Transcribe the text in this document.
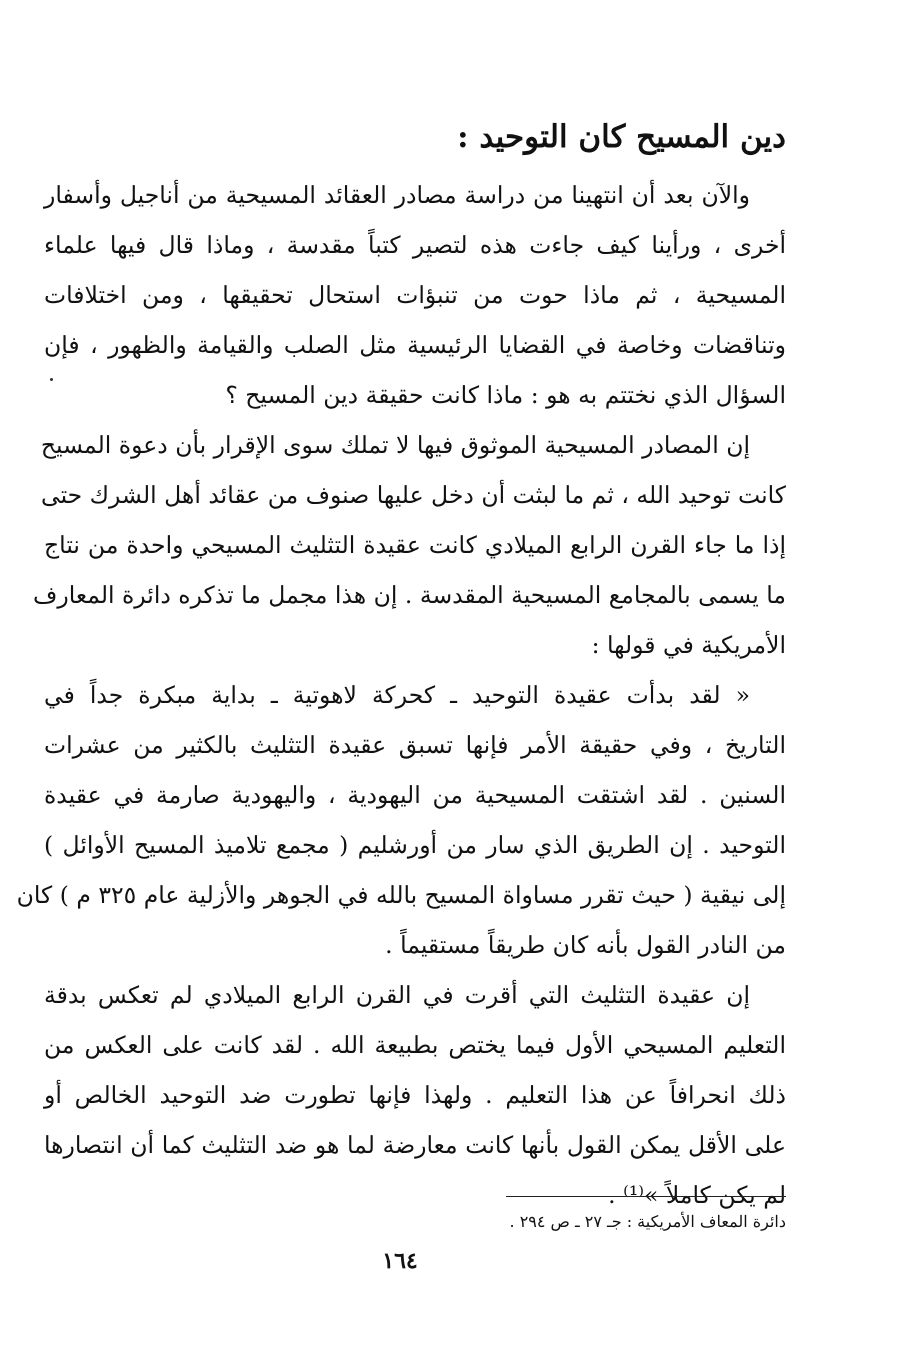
دين المسيح كان التوحيد :
والآن بعد أن انتهينا من دراسة مصادر العقائد المسيحية من أناجيل وأسفار
أخرى ، ورأينا كيف جاءت هذه لتصير كتباً مقدسة ، وماذا قال فيها علماء
المسيحية ، ثم ماذا حوت من تنبؤات استحال تحقيقها ، ومن اختلافات
وتناقضات وخاصة في القضايا الرئيسية مثل الصلب والقيامة والظهور ، فإن
السؤال الذي نختتم به هو : ماذا كانت حقيقة دين المسيح ؟
إن المصادر المسيحية الموثوق فيها لا تملك سوى الإقرار بأن دعوة المسيح
كانت توحيد الله ، ثم ما لبثت أن دخل عليها صنوف من عقائد أهل الشرك حتى
إذا ما جاء القرن الرابع الميلادي كانت عقيدة التثليث المسيحي واحدة من نتاج
ما يسمى بالمجامع المسيحية المقدسة . إن هذا مجمل ما تذكره دائرة المعارف
الأمريكية في قولها :
« لقد بدأت عقيدة التوحيد ـ كحركة لاهوتية ـ بداية مبكرة جداً في
التاريخ ، وفي حقيقة الأمر فإنها تسبق عقيدة التثليث بالكثير من عشرات
السنين . لقد اشتقت المسيحية من اليهودية ، واليهودية صارمة في عقيدة
التوحيد . إن الطريق الذي سار من أورشليم ( مجمع تلاميذ المسيح الأوائل )
إلى نيقية ( حيث تقرر مساواة المسيح بالله في الجوهر والأزلية عام ٣٢٥ م ) كان
من النادر القول بأنه كان طريقاً مستقيماً .
إن عقيدة التثليث التي أقرت في القرن الرابع الميلادي لم تعكس بدقة
التعليم المسيحي الأول فيما يختص بطبيعة الله . لقد كانت على العكس من
ذلك انحرافاً عن هذا التعليم . ولهذا فإنها تطورت ضد التوحيد الخالص أو
على الأقل يمكن القول بأنها كانت معارضة لما هو ضد التثليث كما أن انتصارها
لم يكن كاملاً »⁽¹⁾ .
دائرة المعاف الأمريكية : جـ ٢٧ ـ ص ٢٩٤ .
١٦٤
